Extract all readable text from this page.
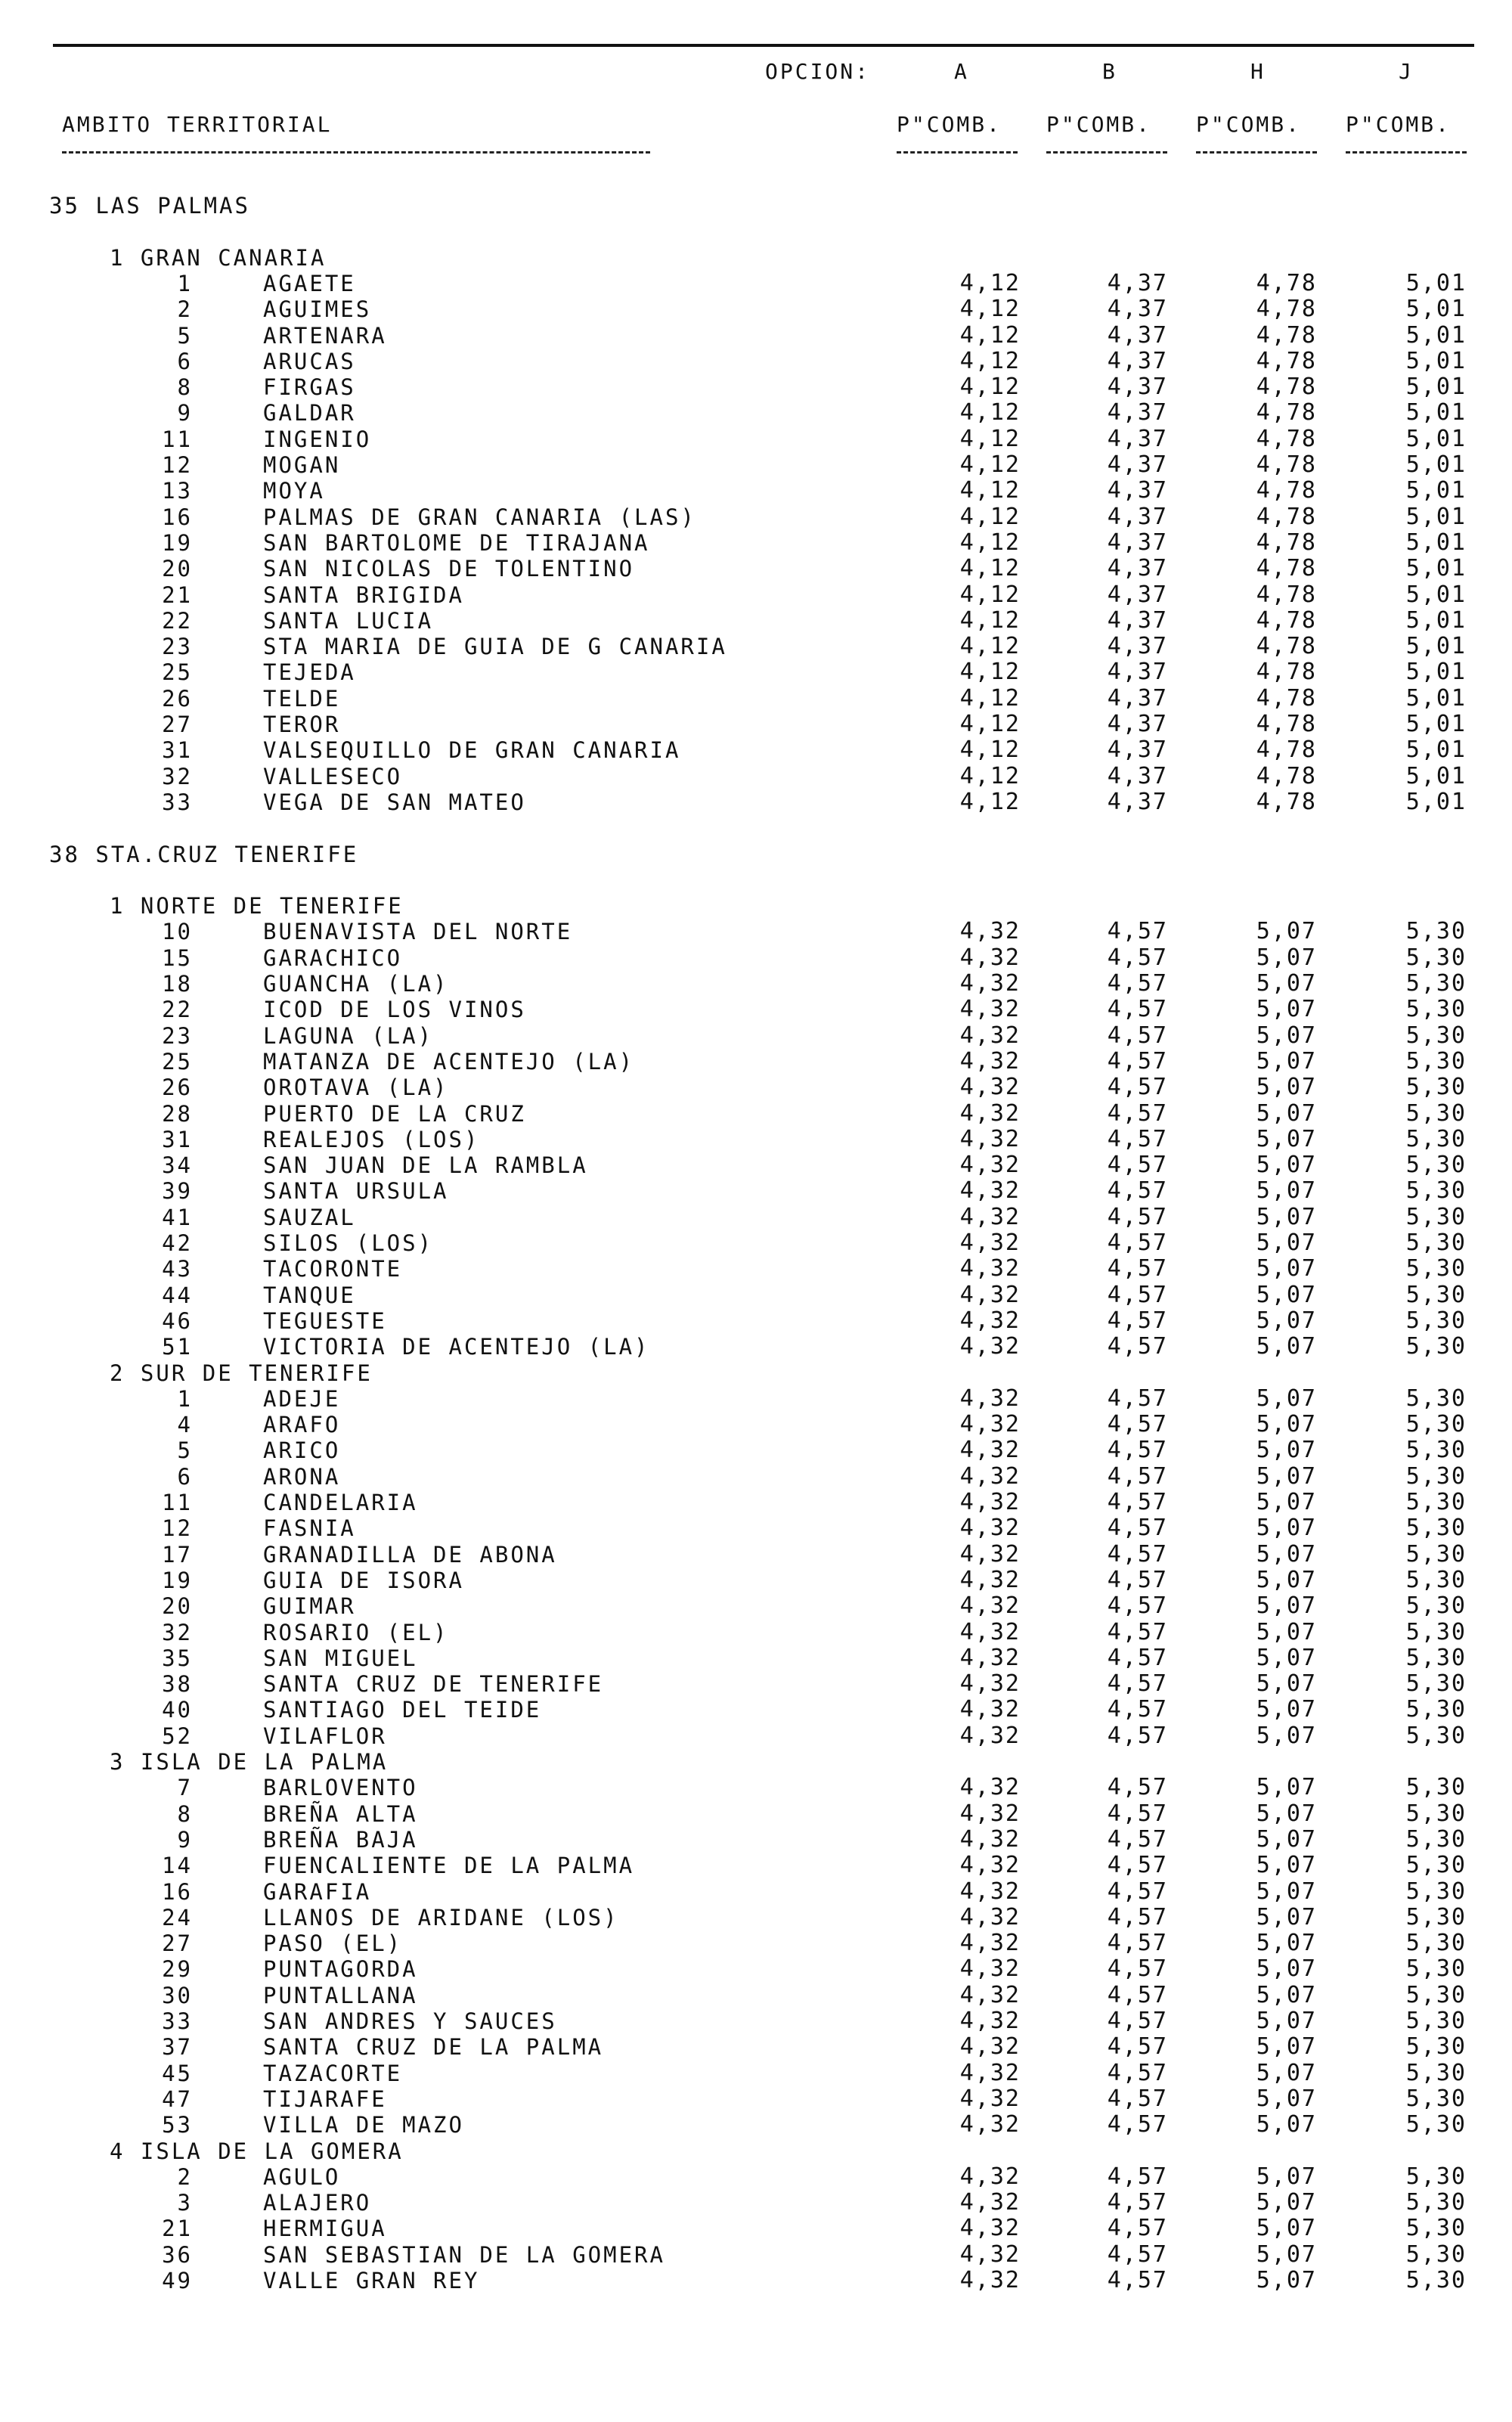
OPCION:	A	B	H	J
AMBITO TERRITORIAL	P"COMB. P"COMB. P"COMB. P"COMB.
35 LAS PALMAS
1 GRAN CANARIA
1	AGAETE	4,12	4,37	4,78	5,01
2	AGUIMES	4,12	4,37	4,78	5,01
5	ARTENARA	4,12	4,37	4,78	5,01
6	ARUCAS	4,12	4,37	4,78	5,01
8	FIRGAS	4,12	4,37	4,78	5,01
9	GALDAR	4,12	4,37	4,78	5,01
11	INGENIO	4,12	4,37	4,78	5,01
12	MOGAN	4,12	4,37	4,78	5,01
13	MOYA	4,12	4,37	4,78	5,01
16	PALMAS DE GRAN CANARIA (LAS)	4,12	4,37	4,78	5,01
19	SAN BARTOLOME DE TIRAJANA	4,12	4,37	4,78	5,01
20	SAN NICOLAS DE TOLENTINO	4,12	4,37	4,78	5,01
21	SANTA BRIGIDA	4,12	4,37	4,78	5,01
22	SANTA LUCIA	4,12	4,37	4,78	5,01
23	STA MARIA DE GUIA DE G CANARIA	4,12	4,37	4,78	5,01
25	TEJEDA	4,12	4,37	4,78	5,01
26	TELDE	4,12	4,37	4,78	5,01
27	TEROR	4,12	4,37	4,78	5,01
31	VALSEQUILLO DE GRAN CANARIA	4,12	4,37	4,78	5,01
32	VALLESECO	4,12	4,37	4,78	5,01
33	VEGA DE SAN MATEO	4,12	4,37	4,78	5,01
38 STA.CRUZ TENERIFE
1 NORTE DE TENERIFE
10	BUENAVISTA DEL NORTE	4,32	4,57	5,07	5,30
15	GARACHICO	4,32	4,57	5,07	5,30
18	GUANCHA (LA)	4,32	4,57	5,07	5,30
22	ICOD DE LOS VINOS	4,32	4,57	5,07	5,30
23	LAGUNA (LA)	4,32	4,57	5,07	5,30
25	MATANZA DE ACENTEJO (LA)	4,32	4,57	5,07	5,30
26	OROTAVA (LA)	4,32	4,57	5,07	5,30
28	PUERTO DE LA CRUZ	4,32	4,57	5,07	5,30
31	REALEJOS (LOS)	4,32	4,57	5,07	5,30
34	SAN JUAN DE LA RAMBLA	4,32	4,57	5,07	5,30
39	SANTA URSULA	4,32	4,57	5,07	5,30
41	SAUZAL	4,32	4,57	5,07	5,30
42	SILOS (LOS)	4,32	4,57	5,07	5,30
43	TACORONTE	4,32	4,57	5,07	5,30
44	TANQUE	4,32	4,57	5,07	5,30
46	TEGUESTE	4,32	4,57	5,07	5,30
51	VICTORIA DE ACENTEJO (LA)	4,32	4,57	5,07	5,30
2 SUR DE TENERIFE
1	ADEJE	4,32	4,57	5,07	5,30
4	ARAFO	4,32	4,57	5,07	5,30
5	ARICO	4,32	4,57	5,07	5,30
6	ARONA	4,32	4,57	5,07	5,30
11	CANDELARIA	4,32	4,57	5,07	5,30
12	FASNIA	4,32	4,57	5,07	5,30
17	GRANADILLA DE ABONA	4,32	4,57	5,07	5,30
19	GUIA DE ISORA	4,32	4,57	5,07	5,30
20	GUIMAR	4,32	4,57	5,07	5,30
32	ROSARIO (EL)	4,32	4,57	5,07	5,30
35	SAN MIGUEL	4,32	4,57	5,07	5,30
38	SANTA CRUZ DE TENERIFE	4,32	4,57	5,07	5,30
40	SANTIAGO DEL TEIDE	4,32	4,57	5,07	5,30
52	VILAFLOR	4,32	4,57	5,07	5,30
3 ISLA DE LA PALMA
7	BARLOVENTO	4,32	4,57	5,07	5,30
8	BREÑA ALTA	4,32	4,57	5,07	5,30
9	BREÑA BAJA	4,32	4,57	5,07	5,30
14	FUENCALIENTE DE LA PALMA	4,32	4,57	5,07	5,30
16	GARAFIA	4,32	4,57	5,07	5,30
24	LLANOS DE ARIDANE (LOS)	4,32	4,57	5,07	5,30
27	PASO (EL)	4,32	4,57	5,07	5,30
29	PUNTAGORDA	4,32	4,57	5,07	5,30
30	PUNTALLANA	4,32	4,57	5,07	5,30
33	SAN ANDRES Y SAUCES	4,32	4,57	5,07	5,30
37	SANTA CRUZ DE LA PALMA	4,32	4,57	5,07	5,30
45	TAZACORTE	4,32	4,57	5,07	5,30
47	TIJARAFE	4,32	4,57	5,07	5,30
53	VILLA DE MAZO	4,32	4,57	5,07	5,30
4 ISLA DE LA GOMERA
2	AGULO	4,32	4,57	5,07	5,30
3	ALAJERO	4,32	4,57	5,07	5,30
21	HERMIGUA	4,32	4,57	5,07	5,30
36	SAN SEBASTIAN DE LA GOMERA	4,32	4,57	5,07	5,30
49	VALLE GRAN REY	4,32	4,57	5,07	5,30
